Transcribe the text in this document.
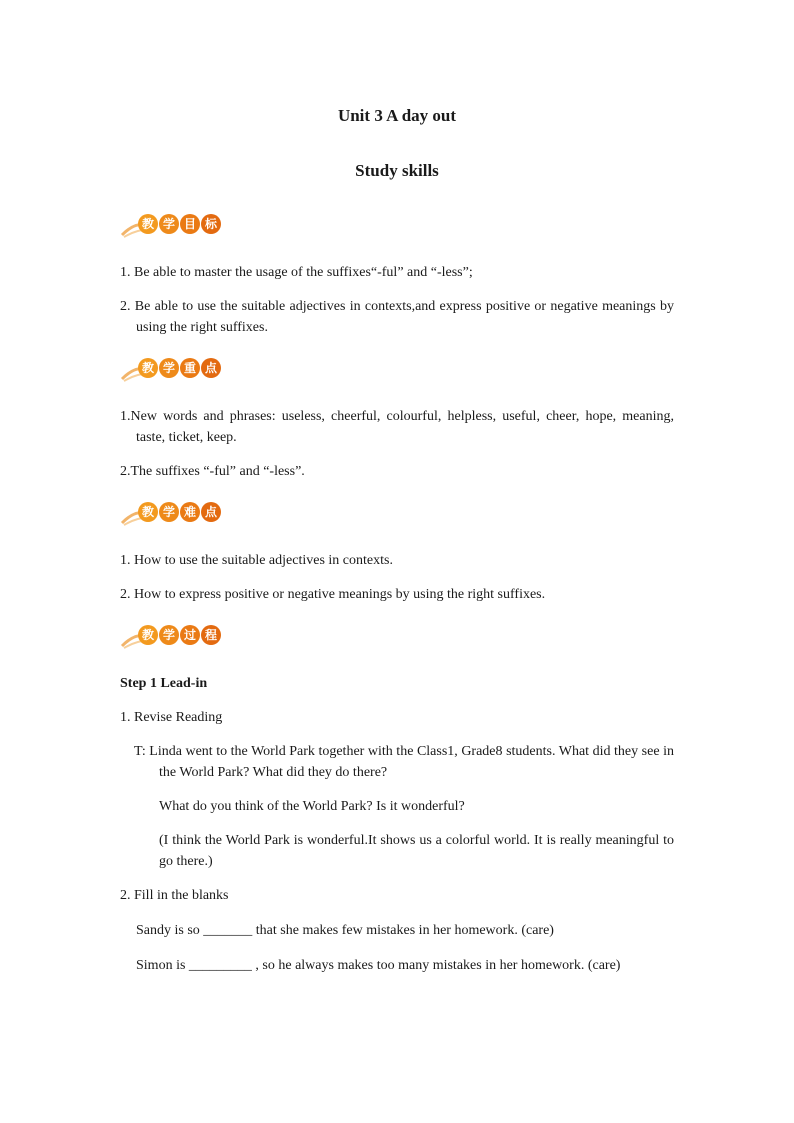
Unit 3 A day out
Study skills
教 学 目 标
1. Be able to master the usage of the suffixes“-ful” and “-less”;
2. Be able to use the suitable adjectives in contexts,and express positive or negative meanings by using the right suffixes.
教 学 重 点
1.New words and phrases: useless, cheerful, colourful, helpless, useful, cheer, hope, meaning, taste, ticket, keep.
2.The suffixes “-ful” and “-less”.
教 学 难 点
1. How to use the suitable adjectives in contexts.
2. How to express positive or negative meanings by using the right suffixes.
教 学 过 程
Step 1 Lead-in
1. Revise Reading
T: Linda went to the World Park together with the Class1, Grade8 students. What did they see in the World Park? What did they do there?
What do you think of the World Park? Is it wonderful?
(I think the World Park is wonderful.It shows us a colorful world. It is really meaningful to go there.)
2. Fill in the blanks
Sandy is so _______ that she makes few mistakes in her homework. (care)
Simon is _________ , so he always makes too many mistakes in her homework. (care)
